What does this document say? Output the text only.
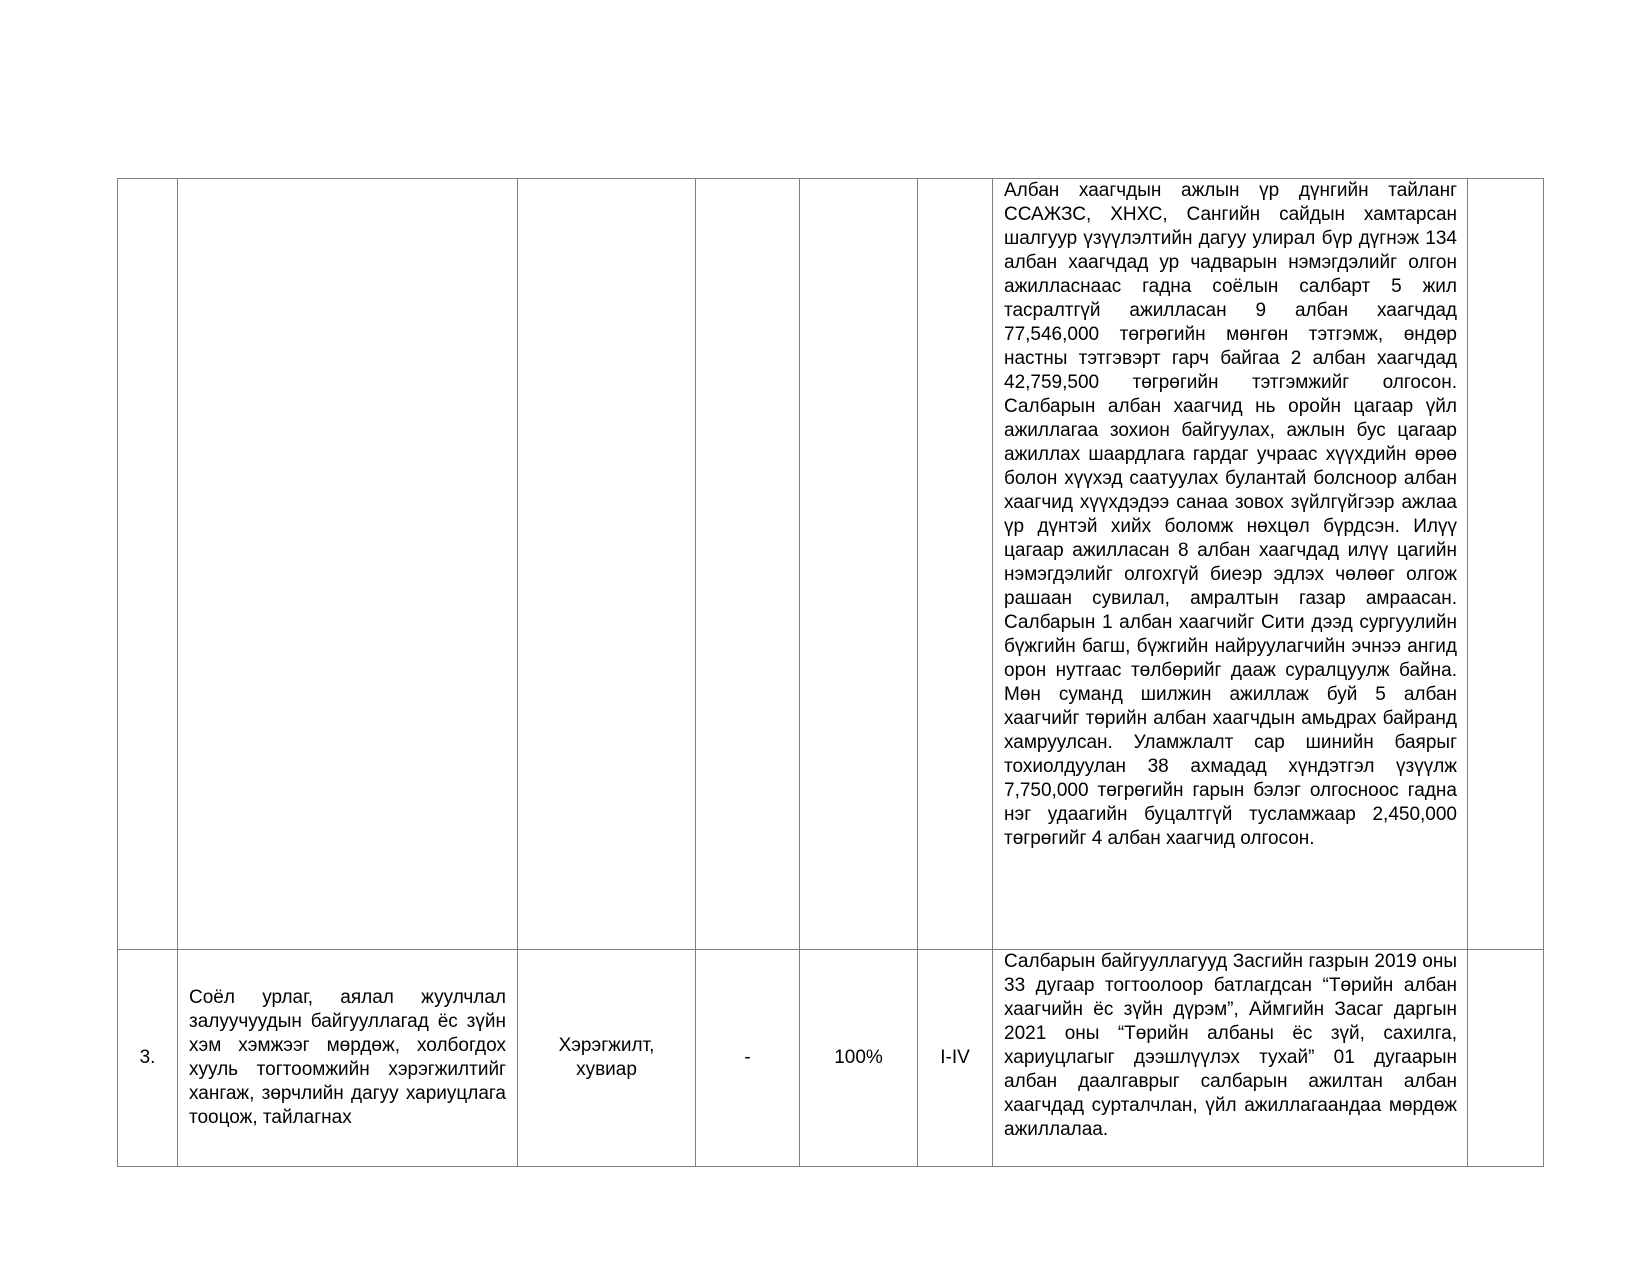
						Албан хаагчдын ажлын үр дүнгийн тайланг ССАЖЗС, ХНХС, Сангийн сайдын хамтарсан шалгуур үзүүлэлтийн дагуу улирал бүр дүгнэж 134 албан хаагчдад ур чадварын нэмэгдэлийг олгон ажилласнаас гадна соёлын салбарт 5 жил тасралтгүй ажилласан 9 албан хаагчдад 77,546,000 төгрөгийн мөнгөн тэтгэмж, өндөр настны тэтгэвэрт гарч байгаа 2 албан хаагчдад 42,759,500 төгрөгийн тэтгэмжийг олгосон. Салбарын албан хаагчид нь оройн цагаар үйл ажиллагаа зохион байгуулах, ажлын бус цагаар ажиллах шаардлага гардаг учраас хүүхдийн өрөө болон хүүхэд саатуулах булантай болсноор албан хаагчид хүүхдэдээ санаа зовох зүйлгүйгээр ажлаа үр дүнтэй хийх боломж нөхцөл бүрдсэн. Илүү цагаар ажилласан 8 албан хаагчдад илүү цагийн нэмэгдэлийг олгохгүй биеэр эдлэх чөлөөг олгож рашаан сувилал, амралтын газар амраасан. Салбарын 1 албан хаагчийг Сити дээд сургуулийн бүжгийн багш, бүжгийн найруулагчийн эчнээ ангид орон нутгаас төлбөрийг дааж суралцуулж байна. Мөн суманд шилжин ажиллаж буй 5 албан хаагчийг төрийн албан хаагчдын амьдрах байранд хамруулсан. Уламжлалт сар шинийн баярыг тохиолдуулан 38 ахмадад хүндэтгэл үзүүлж 7,750,000 төгрөгийн гарын бэлэг олгосноос гадна нэг удаагийн буцалтгүй тусламжаар 2,450,000 төгрөгийг 4 албан хаагчид олгосон.	

3.	Соёл урлаг, аялал жуулчлал залуучуудын байгууллагад ёс зүйн хэм хэмжээг мөрдөж, холбогдох хууль тогтоомжийн хэрэгжилтийг хангаж, зөрчлийн дагуу хариуцлага тооцож, тайлагнах	Хэрэгжилт, хувиар	-	100%	I-IV	Салбарын байгууллагууд Засгийн газрын 2019 оны 33 дугаар тогтоолоор батлагдсан “Төрийн албан хаагчийн ёс зүйн дүрэм”, Аймгийн Засаг даргын 2021 оны “Төрийн албаны ёс зүй, сахилга, хариуцлагыг дээшлүүлэх тухай” 01 дугаарын албан даалгаврыг салбарын ажилтан албан хаагчдад сурталчлан, үйл ажиллагаандаа мөрдөж ажиллалаа.	
